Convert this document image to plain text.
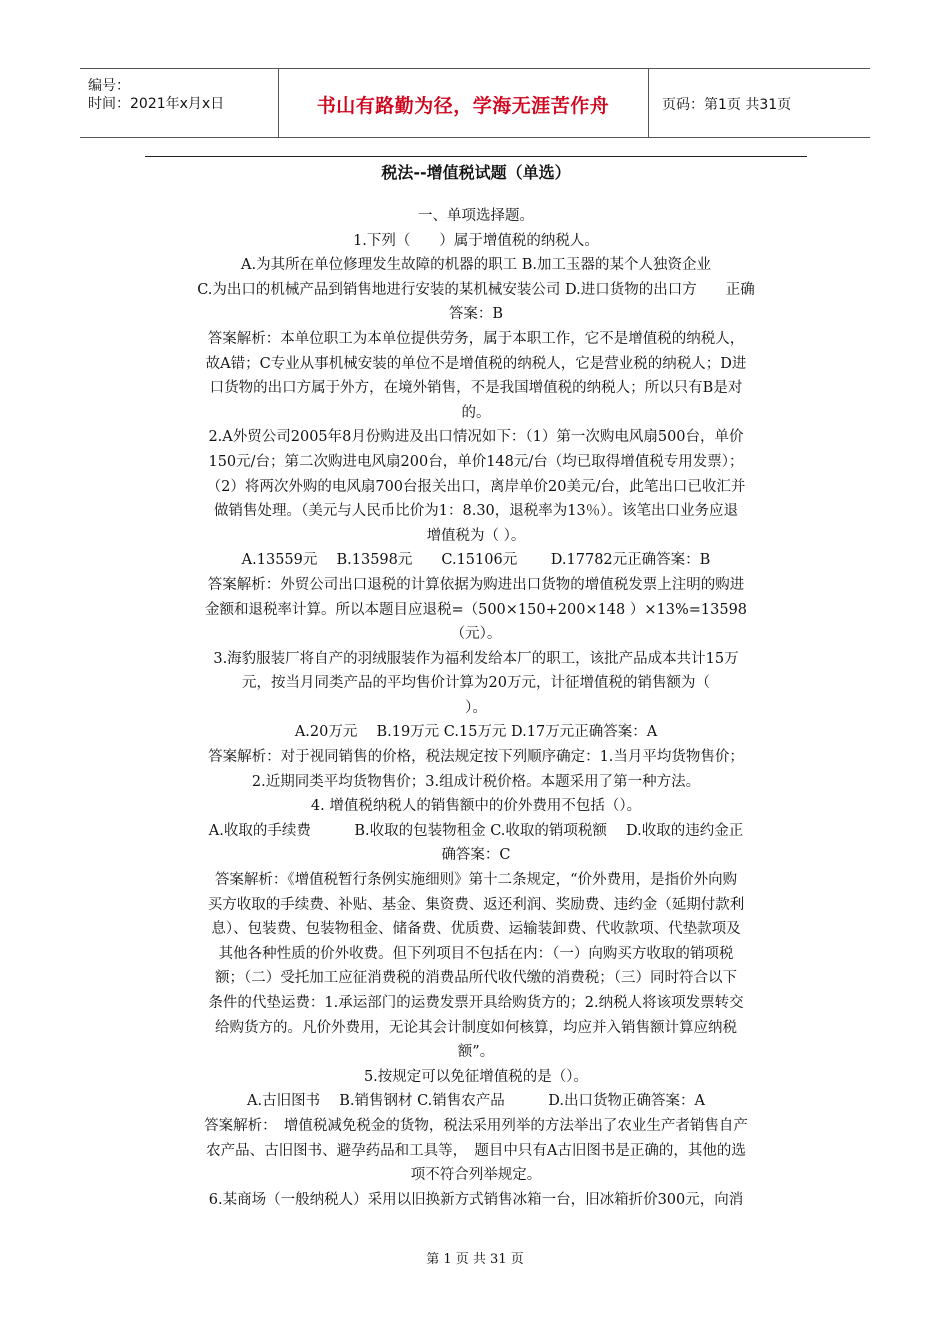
编号：
时间：2021年x月x日	书山有路勤为径，学海无涯苦作舟	页码：第1页 共31页
税法--增值税试题（单选）
一、单项选择题。
1.下列（　　）属于增值税的纳税人。
A.为其所在单位修理发生故障的机器的职工 B.加工玉器的某个人独资企业
C.为出口的机械产品到销售地进行安装的某机械安装公司 D.进口货物的出口方　　正确
答案：B
答案解析：本单位职工为本单位提供劳务，属于本职工作，它不是增值税的纳税人，
故A错；C专业从事机械安装的单位不是增值税的纳税人，它是营业税的纳税人；D进
口货物的出口方属于外方，在境外销售，不是我国增值税的纳税人；所以只有B是对
的。
2.A外贸公司2005年8月份购进及出口情况如下：（1）第一次购电风扇500台，单价
150元/台；第二次购进电风扇200台，单价148元/台（均已取得增值税专用发票）；
（2）将两次外购的电风扇700台报关出口，离岸单价20美元/台，此笔出口已收汇并
做销售处理。（美元与人民币比价为1：8.30，退税率为13％）。该笔出口业务应退
增值税为（ ）。
A.13559元　 B.13598元　　C.15106元　　 D.17782元正确答案：B
答案解析：外贸公司出口退税的计算依据为购进出口货物的增值税发票上注明的购进
金额和退税率计算。所以本题目应退税=（500×150+200×148 ）×13%=13598
（元）。
3.海豹服装厂将自产的羽绒服装作为福利发给本厂的职工，该批产品成本共计15万
元，按当月同类产品的平均售价计算为20万元，计征增值税的销售额为（
）。
A.20万元　 B.19万元 C.15万元 D.17万元正确答案：A
答案解析：对于视同销售的价格，税法规定按下列顺序确定：1.当月平均货物售价；
2.近期同类平均货物售价；3.组成计税价格。本题采用了第一种方法。
4. 增值税纳税人的销售额中的价外费用不包括（）。
A.收取的手续费　　　B.收取的包装物租金 C.收取的销项税额　 D.收取的违约金正
确答案：C
答案解析：《增值税暂行条例实施细则》第十二条规定，“价外费用，是指价外向购
买方收取的手续费、补贴、基金、集资费、返还利润、奖励费、违约金（延期付款利
息）、包装费、包装物租金、储备费、优质费、运输装卸费、代收款项、代垫款项及
其他各种性质的价外收费。但下列项目不包括在内：（一）向购买方收取的销项税
额；（二）受托加工应征消费税的消费品所代收代缴的消费税；（三）同时符合以下
条件的代垫运费：1.承运部门的运费发票开具给购货方的；2.纳税人将该项发票转交
给购货方的。凡价外费用，无论其会计制度如何核算，均应并入销售额计算应纳税
额”。
5.按规定可以免征增值税的是（）。
A.古旧图书　 B.销售钢材 C.销售农产品　　　D.出口货物正确答案：A
答案解析：　增值税减免税金的货物，税法采用列举的方法举出了农业生产者销售自产
农产品、古旧图书、避孕药品和工具等，　题目中只有A古旧图书是正确的，其他的选
项不符合列举规定。
6.某商场（一般纳税人）采用以旧换新方式销售冰箱一台，旧冰箱折价300元，向消
第 1 页 共 31 页
